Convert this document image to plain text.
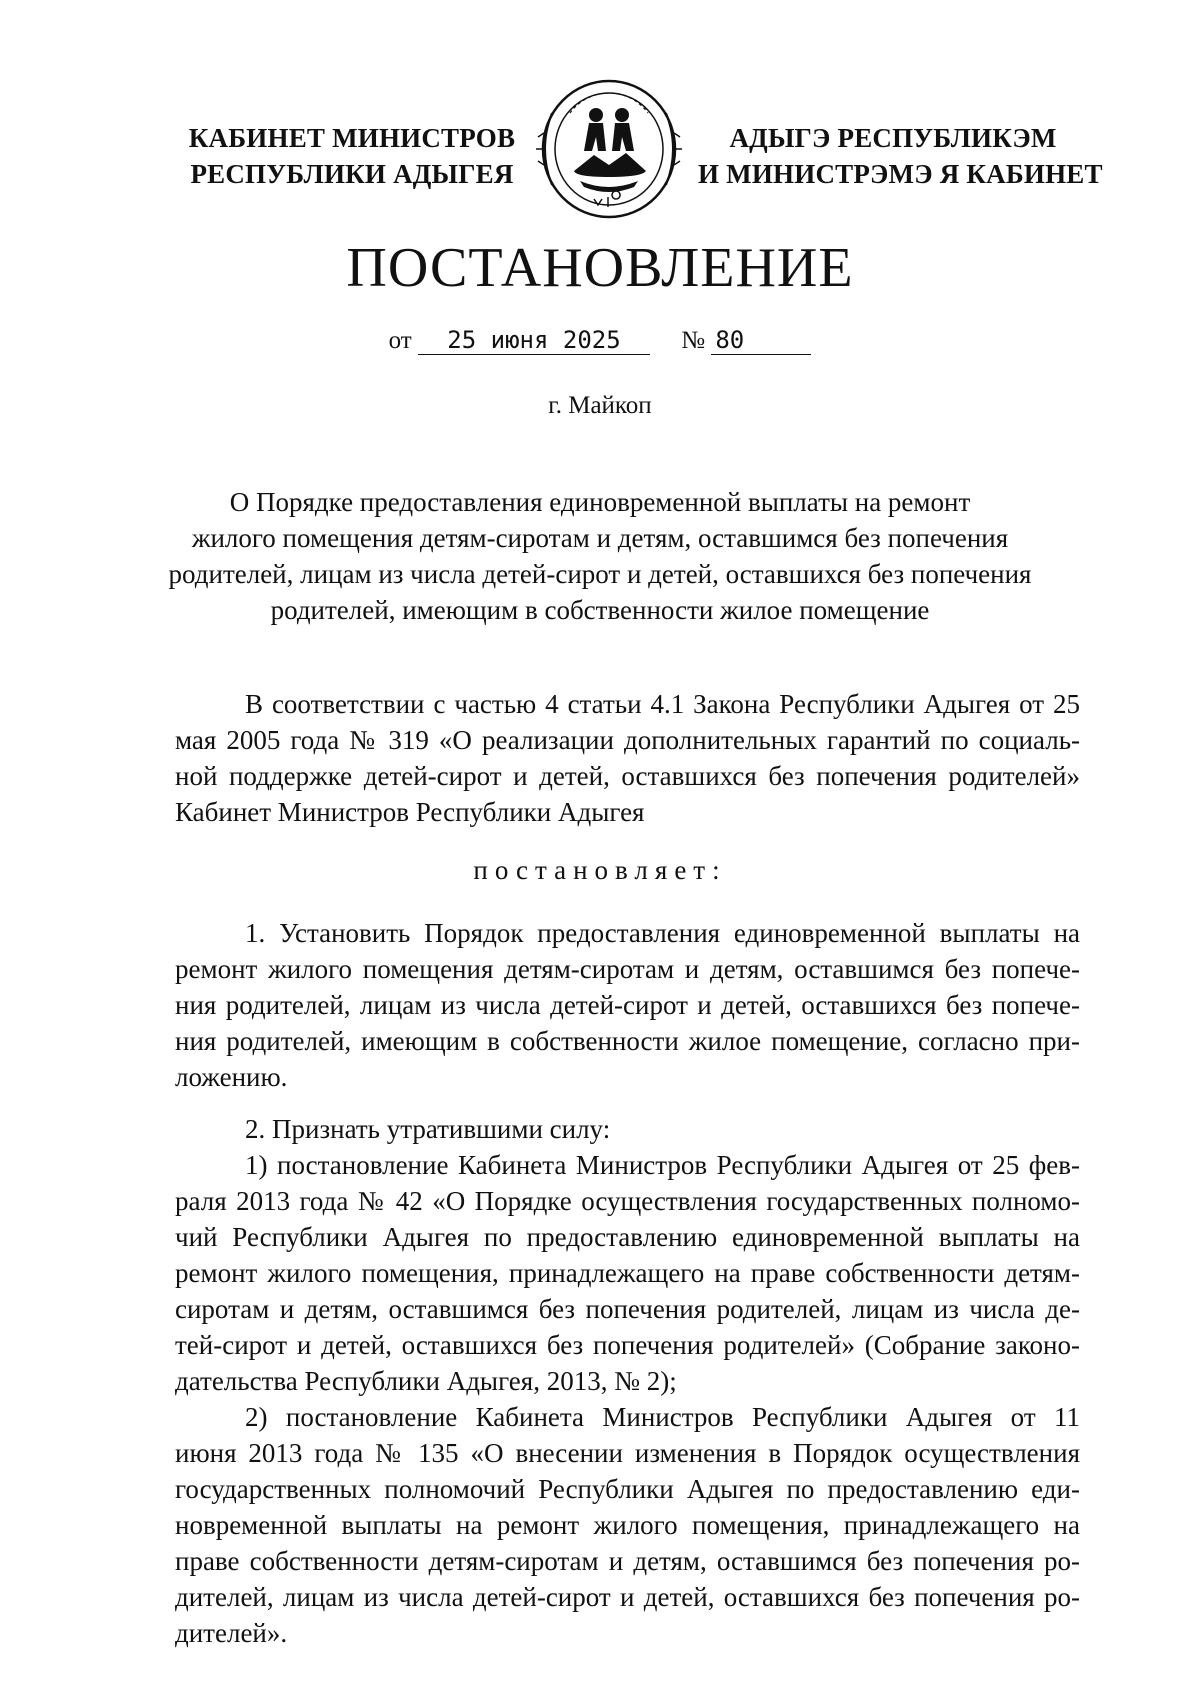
КАБИНЕТ МИНИСТРОВ
РЕСПУБЛИКИ АДЫГЕЯ
АДЫГЭ РЕСПУБЛИКЭМ
И МИНИСТРЭМЭ Я КАБИНЕТ
ПОСТАНОВЛЕНИЕ
от 25 июня 2025 № 80
г. Майкоп
О Порядке предоставления единовременной выплаты на ремонт
жилого помещения детям-сиротам и детям, оставшимся без попечения
родителей, лицам из числа детей-сирот и детей, оставшихся без попечения
родителей, имеющим в собственности жилое помещение
В соответствии с частью 4 статьи 4.1 Закона Республики Адыгея от 25
мая 2005 года № 319 «О реализации дополнительных гарантий по социаль-
ной поддержке детей-сирот и детей, оставшихся без попечения родителей»
Кабинет Министров Республики Адыгея
постановляет:
1. Установить Порядок предоставления единовременной выплаты на
ремонт жилого помещения детям-сиротам и детям, оставшимся без попече-
ния родителей, лицам из числа детей-сирот и детей, оставшихся без попече-
ния родителей, имеющим в собственности жилое помещение, согласно при-
ложению.
2. Признать утратившими силу:
1) постановление Кабинета Министров Республики Адыгея от 25 фев-
раля 2013 года № 42 «О Порядке осуществления государственных полномо-
чий Республики Адыгея по предоставлению единовременной выплаты на
ремонт жилого помещения, принадлежащего на праве собственности детям-
сиротам и детям, оставшимся без попечения родителей, лицам из числа де-
тей-сирот и детей, оставшихся без попечения родителей» (Собрание законо-
дательства Республики Адыгея, 2013, № 2);
2) постановление Кабинета Министров Республики Адыгея от 11
июня 2013 года № 135 «О внесении изменения в Порядок осуществления
государственных полномочий Республики Адыгея по предоставлению еди-
новременной выплаты на ремонт жилого помещения, принадлежащего на
праве собственности детям-сиротам и детям, оставшимся без попечения ро-
дителей, лицам из числа детей-сирот и детей, оставшихся без попечения ро-
дителей».
